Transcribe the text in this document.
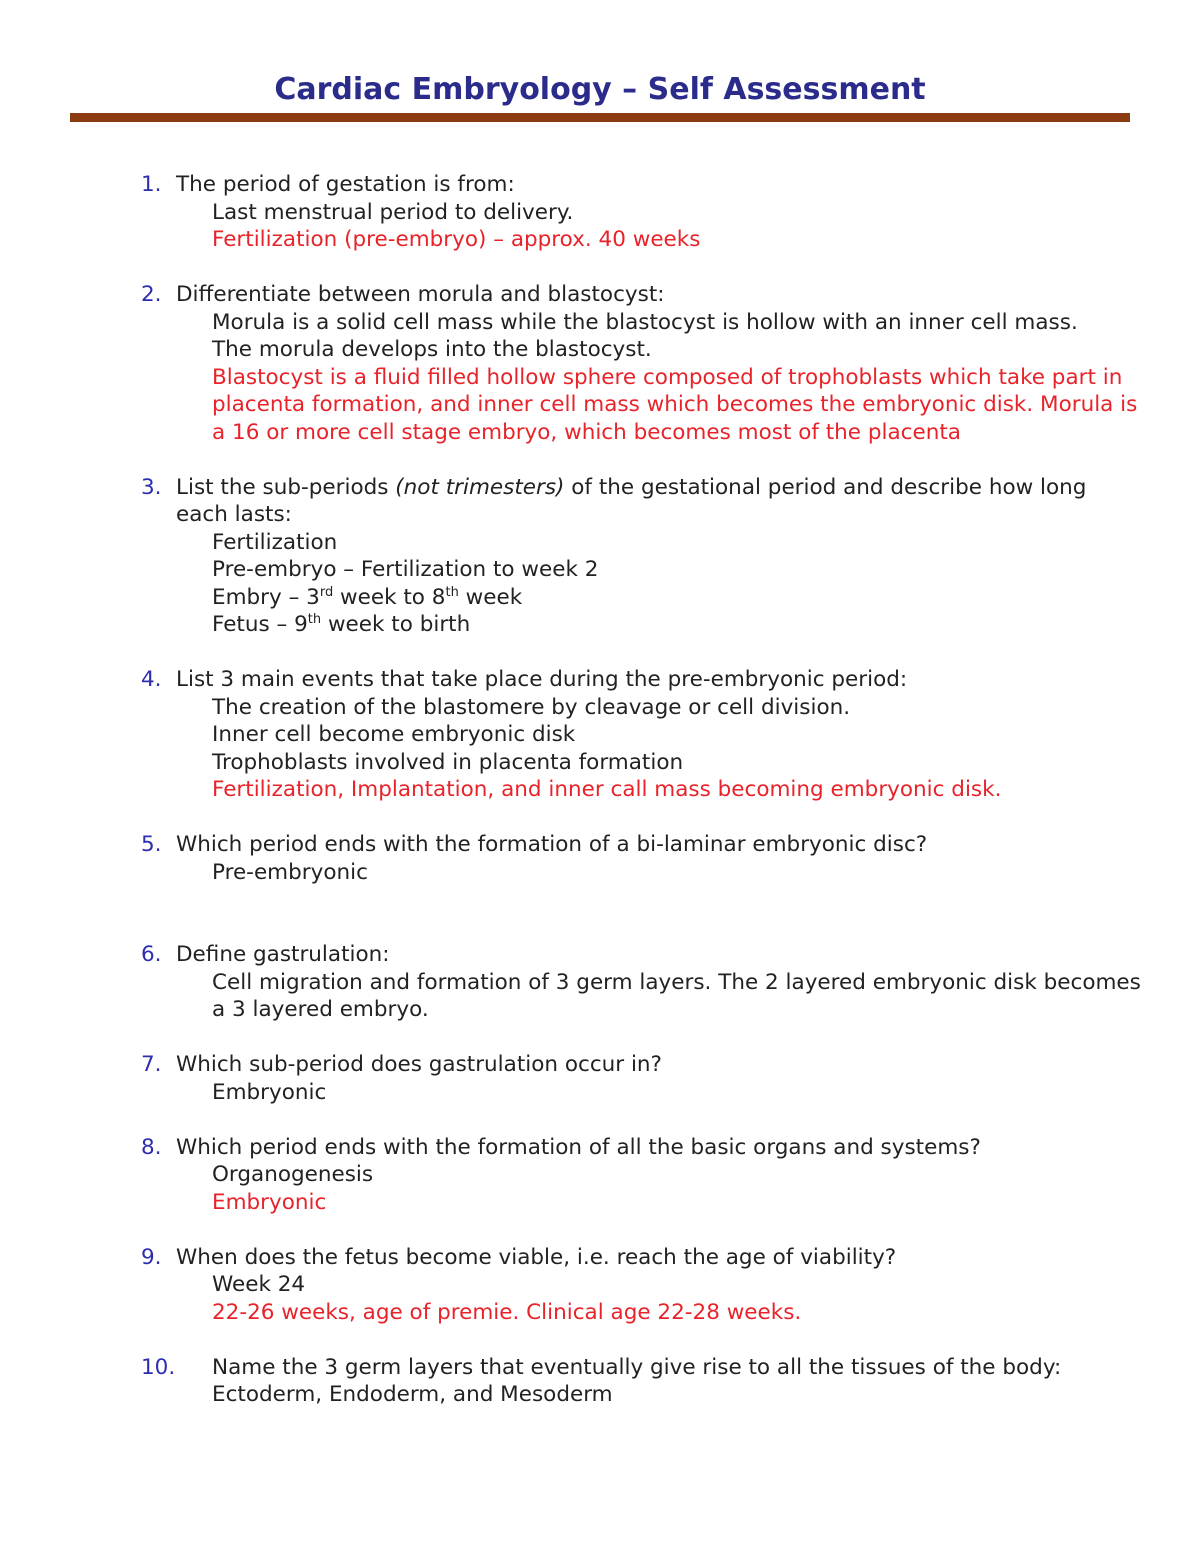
Cardiac Embryology – Self Assessment
1. The period of gestation is from:
Last menstrual period to delivery.
Fertilization (pre-embryo) – approx. 40 weeks
2. Differentiate between morula and blastocyst:
Morula is a solid cell mass while the blastocyst is hollow with an inner cell mass.
The morula develops into the blastocyst.
Blastocyst is a fluid filled hollow sphere composed of trophoblasts which take part in placenta formation, and inner cell mass which becomes the embryonic disk. Morula is a 16 or more cell stage embryo, which becomes most of the placenta
3. List the sub-periods (not trimesters) of the gestational period and describe how long each lasts:
Fertilization
Pre-embryo – Fertilization to week 2
Embry – 3rd week to 8th week
Fetus – 9th week to birth
4. List 3 main events that take place during the pre-embryonic period:
The creation of the blastomere by cleavage or cell division.
Inner cell become embryonic disk
Trophoblasts involved in placenta formation
Fertilization, Implantation, and inner call mass becoming embryonic disk.
5. Which period ends with the formation of a bi-laminar embryonic disc?
Pre-embryonic
6. Define gastrulation:
Cell migration and formation of 3 germ layers. The 2 layered embryonic disk becomes a 3 layered embryo.
7. Which sub-period does gastrulation occur in?
Embryonic
8. Which period ends with the formation of all the basic organs and systems?
Organogenesis
Embryonic
9. When does the fetus become viable, i.e. reach the age of viability?
Week 24
22-26 weeks, age of premie. Clinical age 22-28 weeks.
10. Name the 3 germ layers that eventually give rise to all the tissues of the body:
Ectoderm, Endoderm, and Mesoderm
